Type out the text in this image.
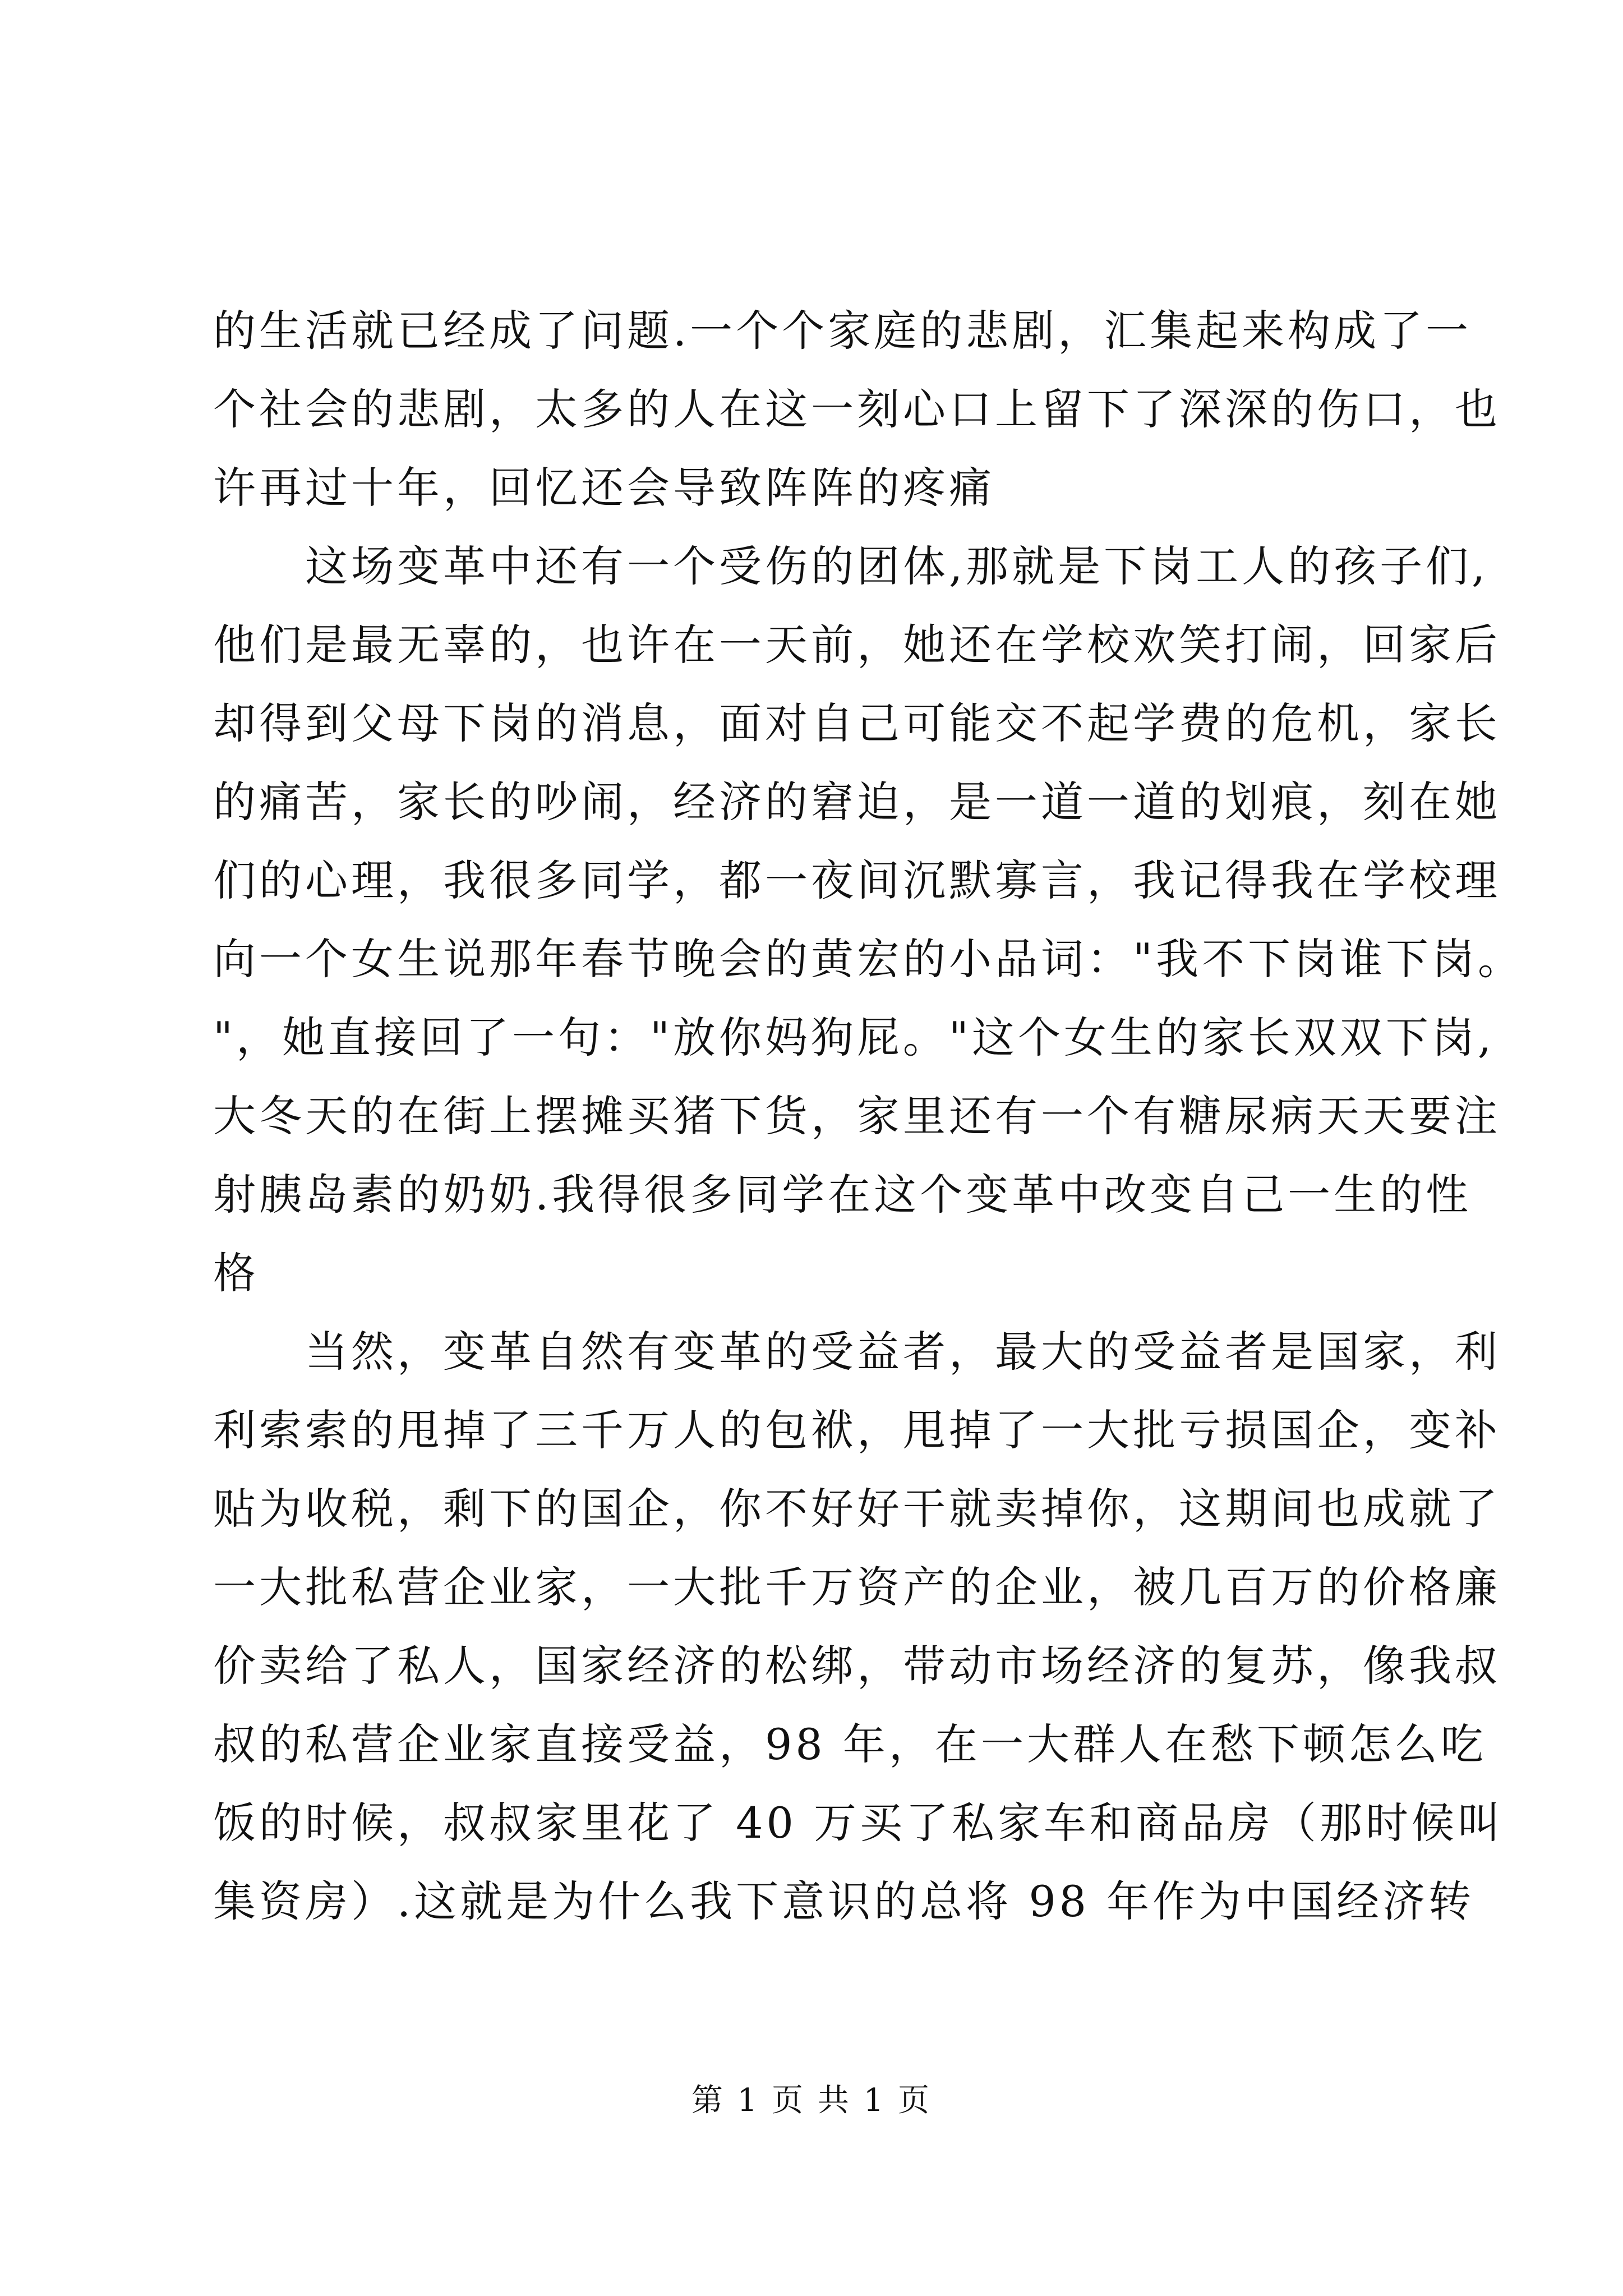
的生活就已经成了问题.一个个家庭的悲剧，汇集起来构成了一
个社会的悲剧，太多的人在这一刻心口上留下了深深的伤口，也
许再过十年，回忆还会导致阵阵的疼痛
这场变革中还有一个受伤的团体,那就是下岗工人的孩子们,
他们是最无辜的，也许在一天前，她还在学校欢笑打闹，回家后
却得到父母下岗的消息，面对自己可能交不起学费的危机，家长
的痛苦，家长的吵闹，经济的窘迫，是一道一道的划痕，刻在她
们的心理，我很多同学，都一夜间沉默寡言，我记得我在学校理
向一个女生说那年春节晚会的黄宏的小品词："我不下岗谁下岗。
"，她直接回了一句："放你妈狗屁。"这个女生的家长双双下岗,
大冬天的在街上摆摊买猪下货，家里还有一个有糖尿病天天要注
射胰岛素的奶奶.我得很多同学在这个变革中改变自己一生的性
格
当然，变革自然有变革的受益者，最大的受益者是国家，利
利索索的甩掉了三千万人的包袱，甩掉了一大批亏损国企，变补
贴为收税，剩下的国企，你不好好干就卖掉你，这期间也成就了
一大批私营企业家，一大批千万资产的企业，被几百万的价格廉
价卖给了私人，国家经济的松绑，带动市场经济的复苏，像我叔
叔的私营企业家直接受益，98 年，在一大群人在愁下顿怎么吃
饭的时候，叔叔家里花了 40 万买了私家车和商品房（那时候叫
集资房）.这就是为什么我下意识的总将 98 年作为中国经济转
第 1 页 共 1 页
